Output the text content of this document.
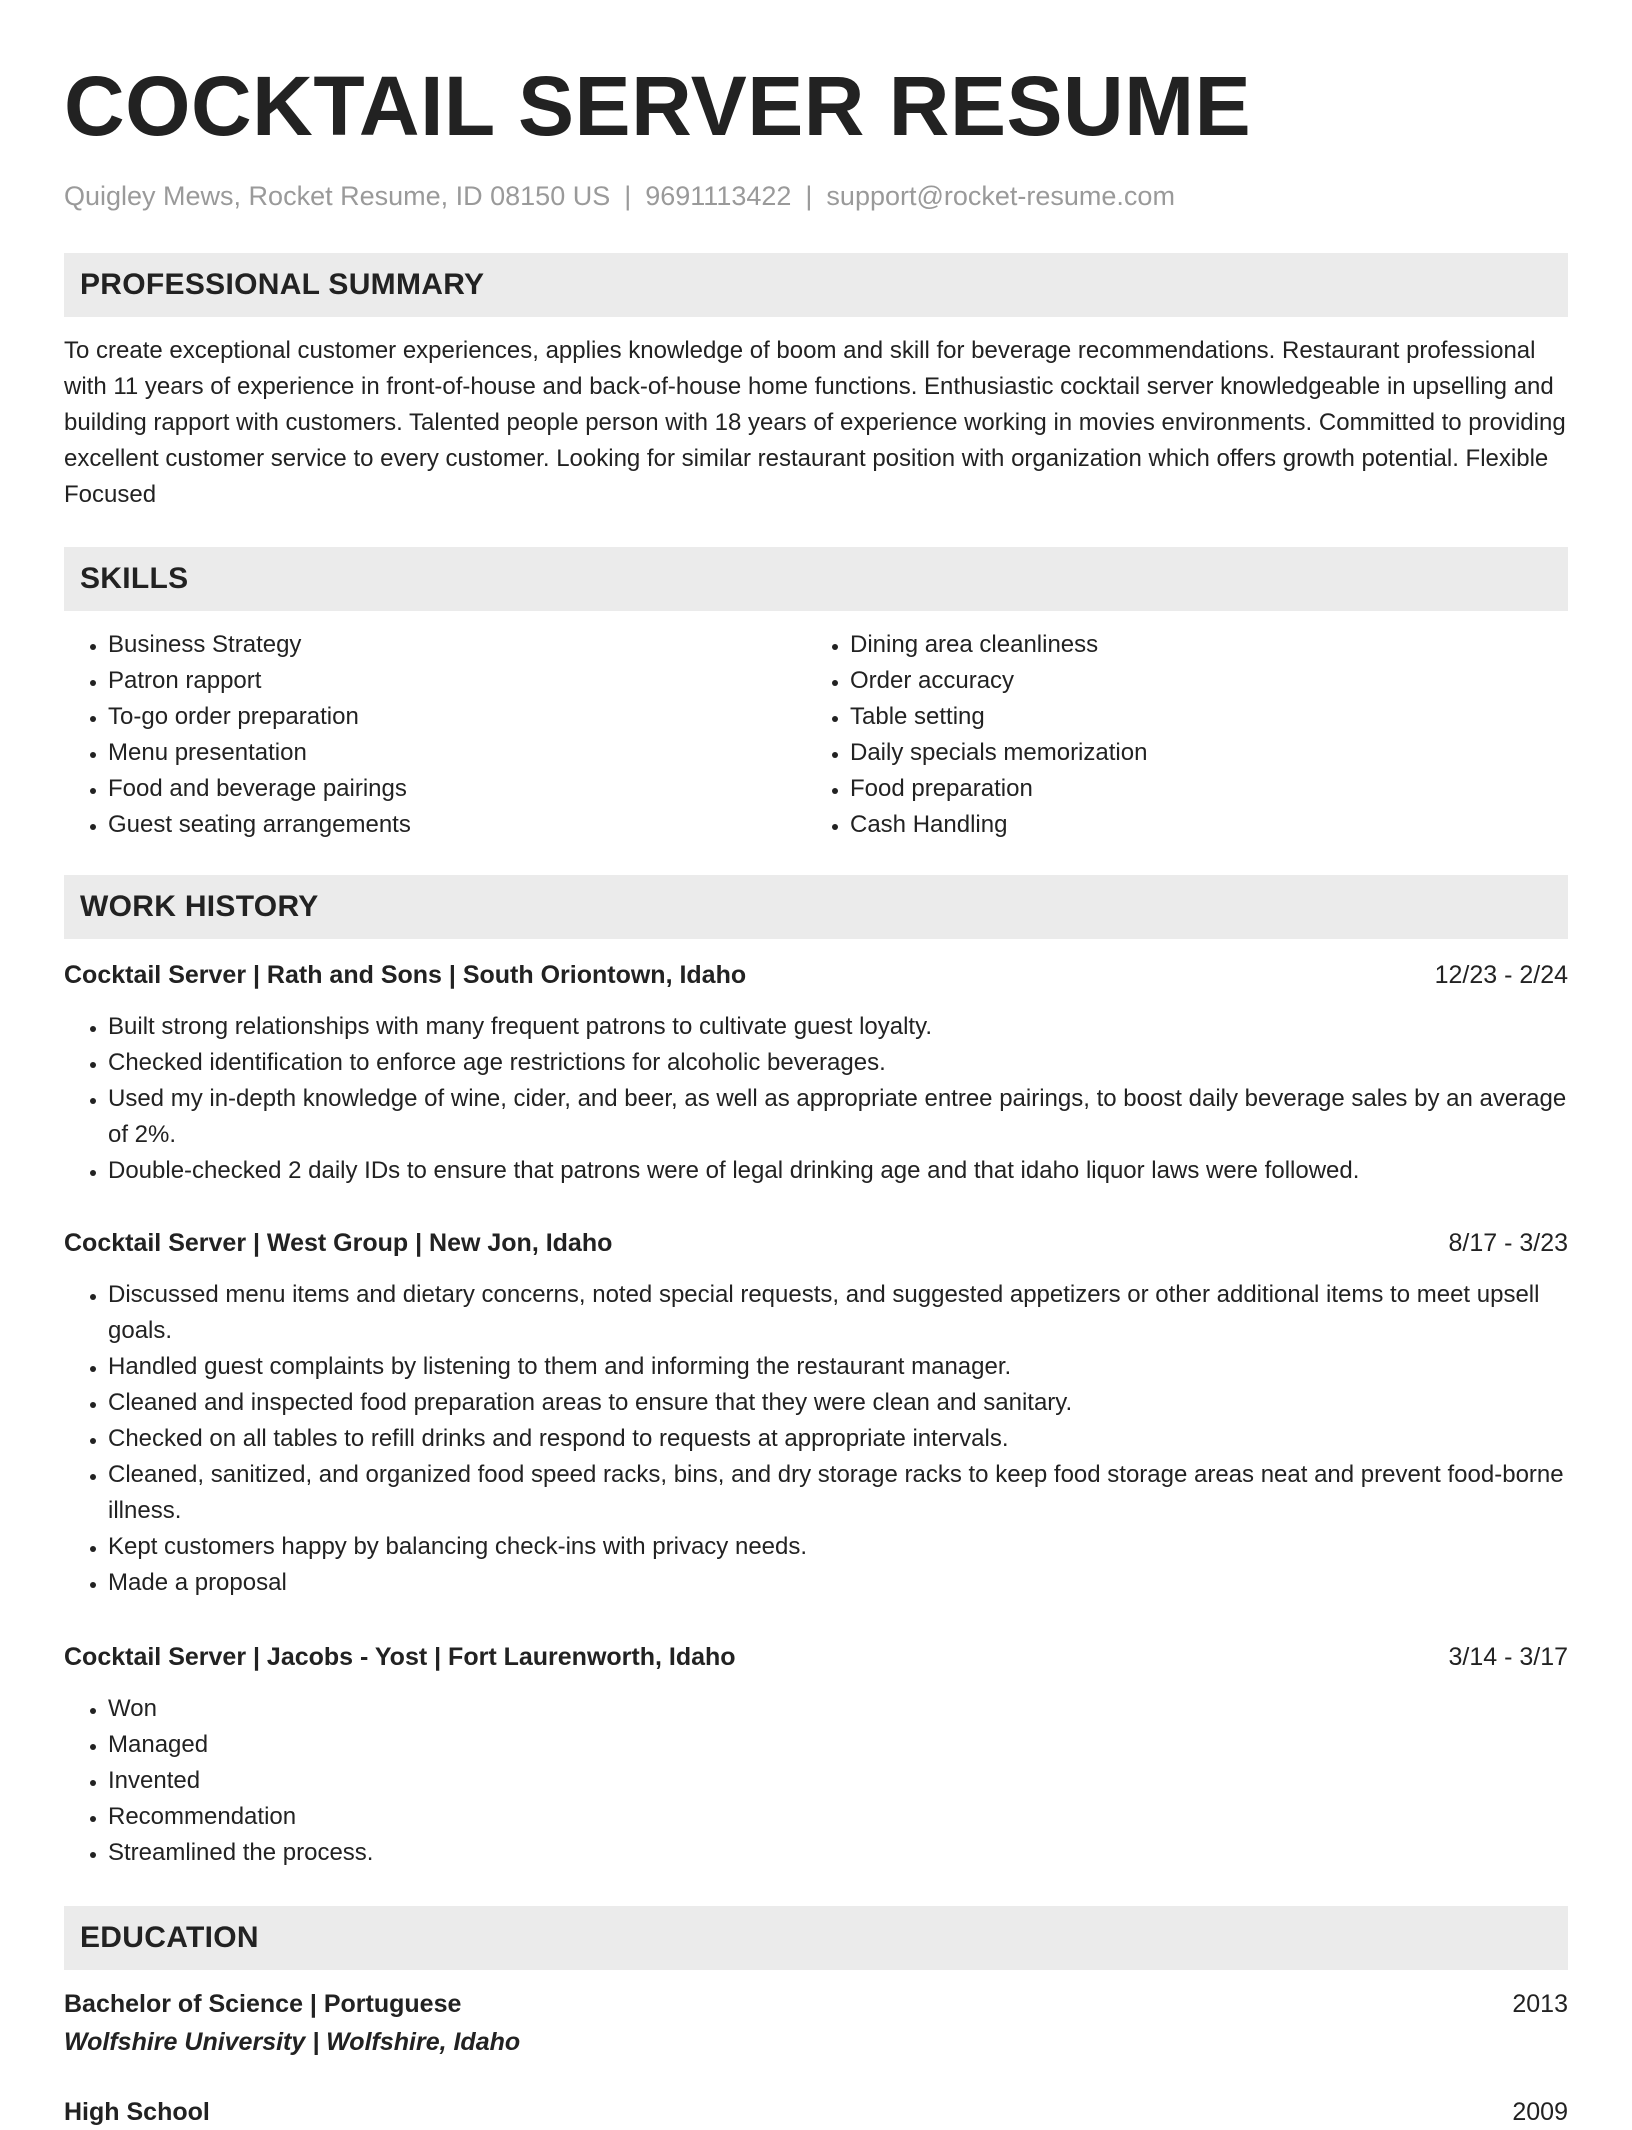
COCKTAIL SERVER RESUME
Quigley Mews, Rocket Resume, ID 08150 US | 9691113422 | support@rocket-resume.com
PROFESSIONAL SUMMARY

To create exceptional customer experiences, applies knowledge of boom and skill for beverage recommendations. Restaurant professional with 11 years of experience in front-of-house and back-of-house home functions. Enthusiastic cocktail server knowledgeable in upselling and building rapport with customers. Talented people person with 18 years of experience working in movies environments. Committed to providing excellent customer service to every customer. Looking for similar restaurant position with organization which offers growth potential. Flexible Focused

SKILLS
• Business Strategy
• Patron rapport
• To-go order preparation
• Menu presentation
• Food and beverage pairings
• Guest seating arrangements
• Dining area cleanliness
• Order accuracy
• Table setting
• Daily specials memorization
• Food preparation
• Cash Handling
WORK HISTORY
Cocktail Server | Rath and Sons | South Oriontown, Idaho	12/23 - 2/24
• Built strong relationships with many frequent patrons to cultivate guest loyalty.
• Checked identification to enforce age restrictions for alcoholic beverages.
• Used my in-depth knowledge of wine, cider, and beer, as well as appropriate entree pairings, to boost daily beverage sales by an average of 2%.
• Double-checked 2 daily IDs to ensure that patrons were of legal drinking age and that idaho liquor laws were followed.
Cocktail Server | West Group | New Jon, Idaho	8/17 - 3/23
• Discussed menu items and dietary concerns, noted special requests, and suggested appetizers or other additional items to meet upsell goals.
• Handled guest complaints by listening to them and informing the restaurant manager.
• Cleaned and inspected food preparation areas to ensure that they were clean and sanitary.
• Checked on all tables to refill drinks and respond to requests at appropriate intervals.
• Cleaned, sanitized, and organized food speed racks, bins, and dry storage racks to keep food storage areas neat and prevent food-borne illness.
• Kept customers happy by balancing check-ins with privacy needs.
• Made a proposal
Cocktail Server | Jacobs - Yost | Fort Laurenworth, Idaho	3/14 - 3/17
• Won
• Managed
• Invented
• Recommendation
• Streamlined the process.
EDUCATION
Bachelor of Science | Portuguese	2013
Wolfshire University | Wolfshire, Idaho
High School	2009
